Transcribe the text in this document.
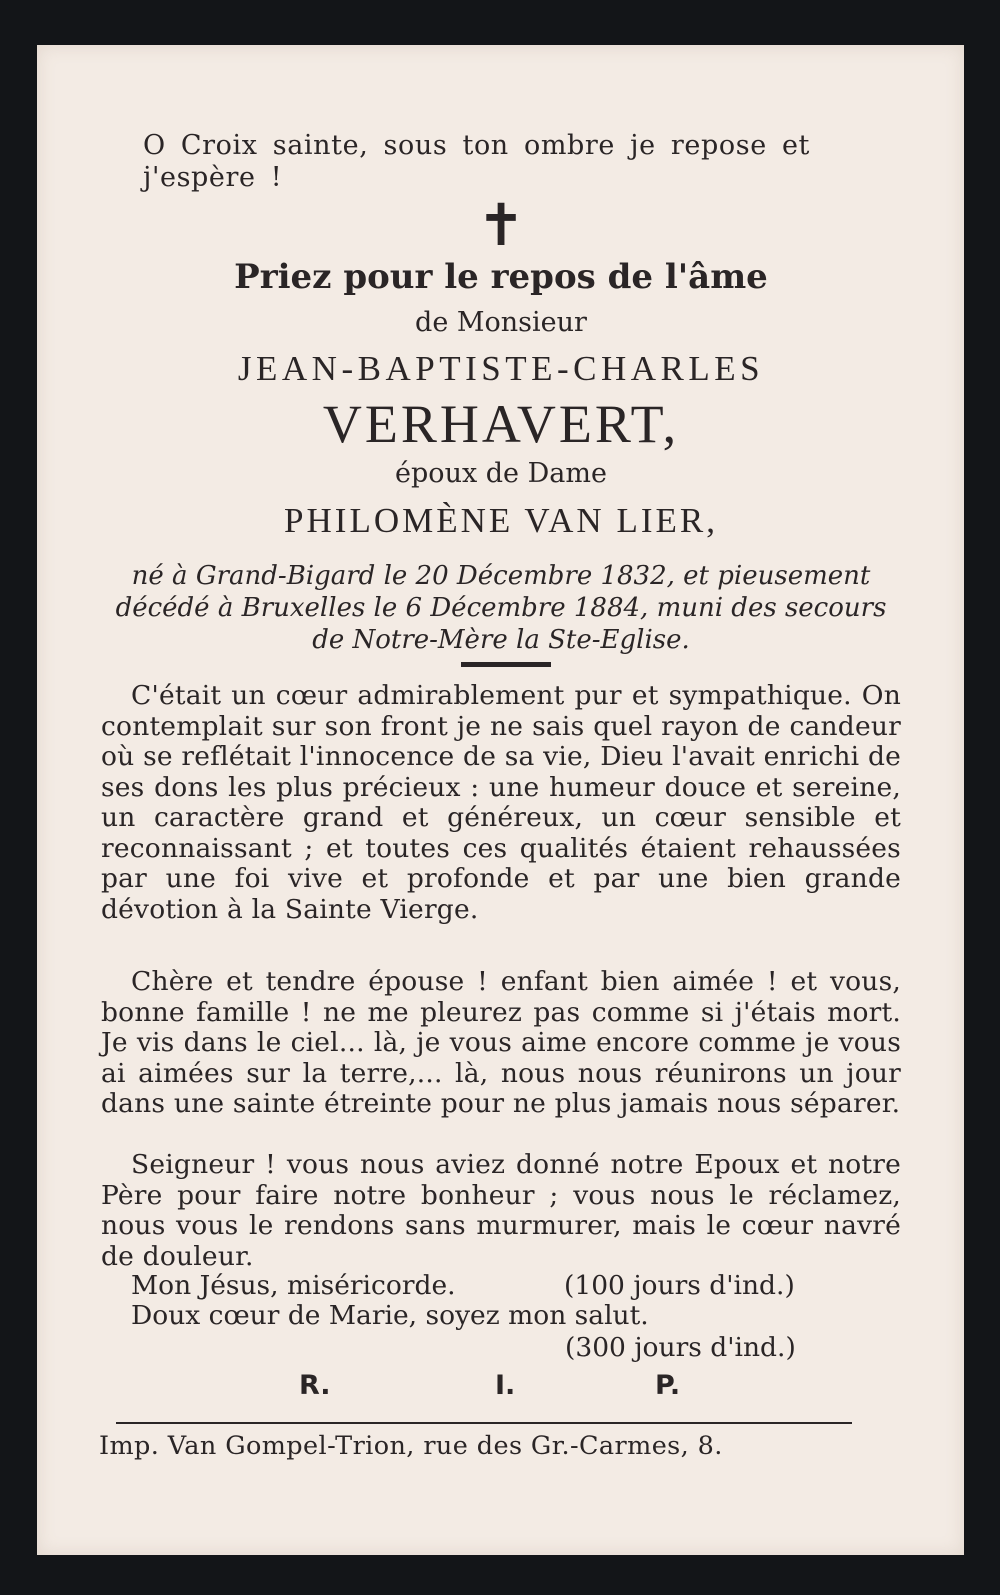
O Croix sainte, sous ton ombre je repose et j'espère !

✝
Priez pour le repos de l'âme
de Monsieur
JEAN-BAPTISTE-CHARLES
VERHAVERT,
époux de Dame
PHILOMÈNE VAN LIER,

né à Grand-Bigard le 20 Décembre 1832, et pieusement décédé à Bruxelles le 6 Décembre 1884, muni des secours de Notre-Mère la Ste-Eglise.

C'était un cœur admirablement pur et sympathique. On contemplait sur son front je ne sais quel rayon de candeur où se reflétait l'innocence de sa vie, Dieu l'avait enrichi de ses dons les plus précieux : une humeur douce et sereine, un caractère grand et généreux, un cœur sensible et reconnaissant ; et toutes ces qualités étaient rehaussées par une foi vive et profonde et par une bien grande dévotion à la Sainte Vierge.

Chère et tendre épouse ! enfant bien aimée ! et vous, bonne famille ! ne me pleurez pas comme si j'étais mort. Je vis dans le ciel... là, je vous aime encore comme je vous ai aimées sur la terre,... là, nous nous réunirons un jour dans une sainte étreinte pour ne plus jamais nous séparer.

Seigneur ! vous nous aviez donné notre Epoux et notre Père pour faire notre bonheur ; vous nous le réclamez, nous vous le rendons sans murmurer, mais le cœur navré de douleur.

Mon Jésus, miséricorde.	(100 jours d'ind.)
Doux cœur de Marie, soyez mon salut.
(300 jours d'ind.)
R.	I.	P.
Imp. Van Gompel-Trion, rue des Gr.-Carmes, 8.
